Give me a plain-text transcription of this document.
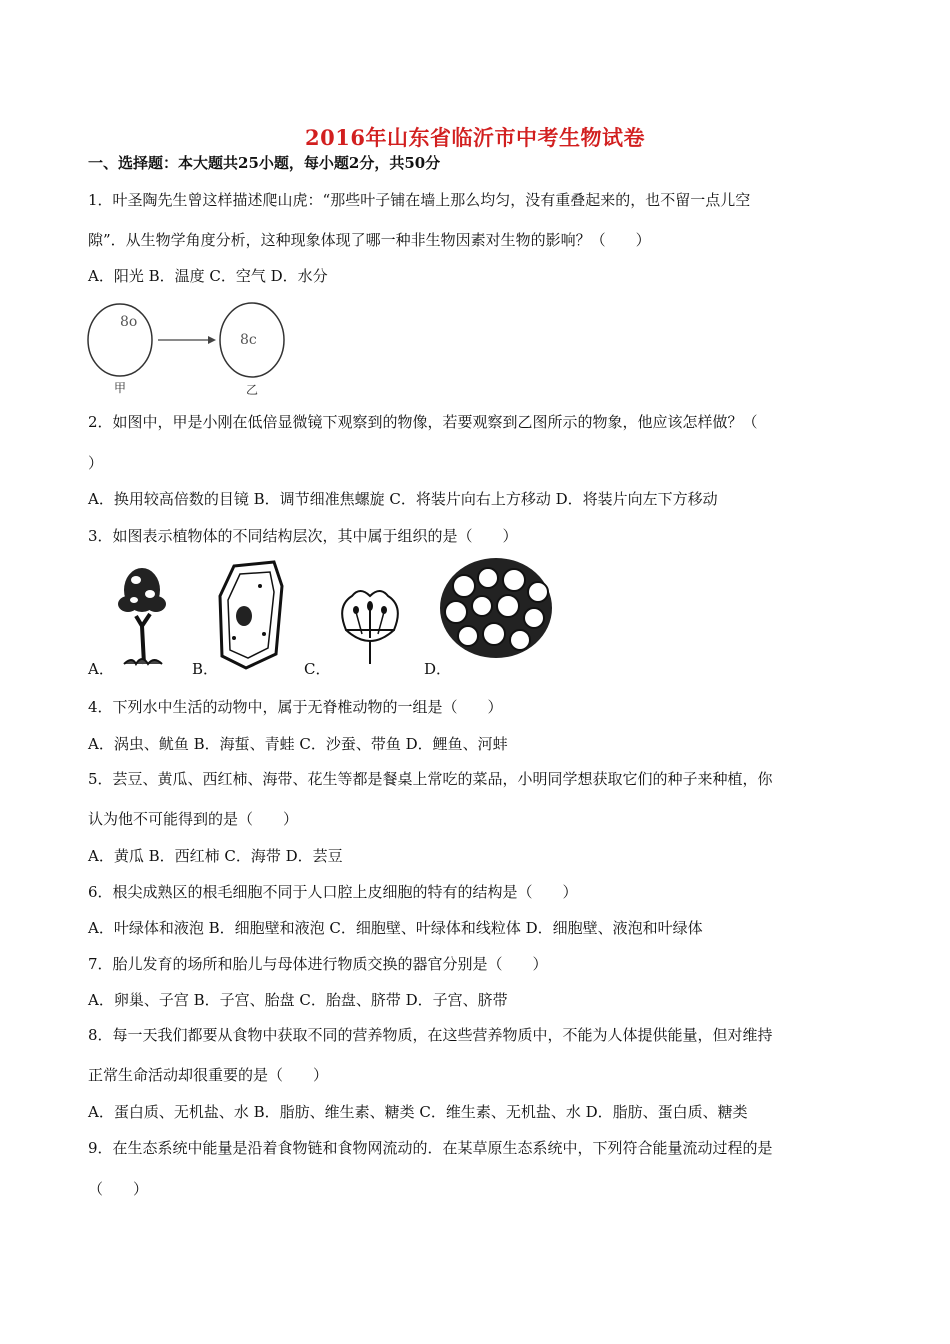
2016年山东省临沂市中考生物试卷
一、选择题：本大题共25小题，每小题2分，共50分
1．叶圣陶先生曾这样描述爬山虎：“那些叶子铺在墙上那么均匀，没有重叠起来的，也不留一点儿空
隙”．从生物学角度分析，这种现象体现了哪一种非生物因素对生物的影响？（　　）
A．阳光 B．温度 C．空气 D．水分
8o
8c
甲	乙
2．如图中，甲是小刚在低倍显微镜下观察到的物像，若要观察到乙图所示的物象，他应该怎样做？（
）
A．换用较高倍数的目镜 B．调节细准焦螺旋 C．将装片向右上方移动 D．将装片向左下方移动
3．如图表示植物体的不同结构层次，其中属于组织的是（　　）
A．	B．	C．	D．
4．下列水中生活的动物中，属于无脊椎动物的一组是（　　）
A．涡虫、鱿鱼 B．海蜇、青蛙 C．沙蚕、带鱼 D．鲤鱼、河蚌
5．芸豆、黄瓜、西红柿、海带、花生等都是餐桌上常吃的菜品，小明同学想获取它们的种子来种植，你
认为他不可能得到的是（　　）
A．黄瓜 B．西红柿 C．海带 D．芸豆
6．根尖成熟区的根毛细胞不同于人口腔上皮细胞的特有的结构是（　　）
A．叶绿体和液泡 B．细胞壁和液泡 C．细胞壁、叶绿体和线粒体 D．细胞壁、液泡和叶绿体
7．胎儿发育的场所和胎儿与母体进行物质交换的器官分别是（　　）
A．卵巢、子宫 B．子宫、胎盘 C．胎盘、脐带 D．子宫、脐带
8．每一天我们都要从食物中获取不同的营养物质，在这些营养物质中，不能为人体提供能量，但对维持
正常生命活动却很重要的是（　　）
A．蛋白质、无机盐、水 B．脂肪、维生素、糖类 C．维生素、无机盐、水 D．脂肪、蛋白质、糖类
9．在生态系统中能量是沿着食物链和食物网流动的．在某草原生态系统中，下列符合能量流动过程的是
（　　）
